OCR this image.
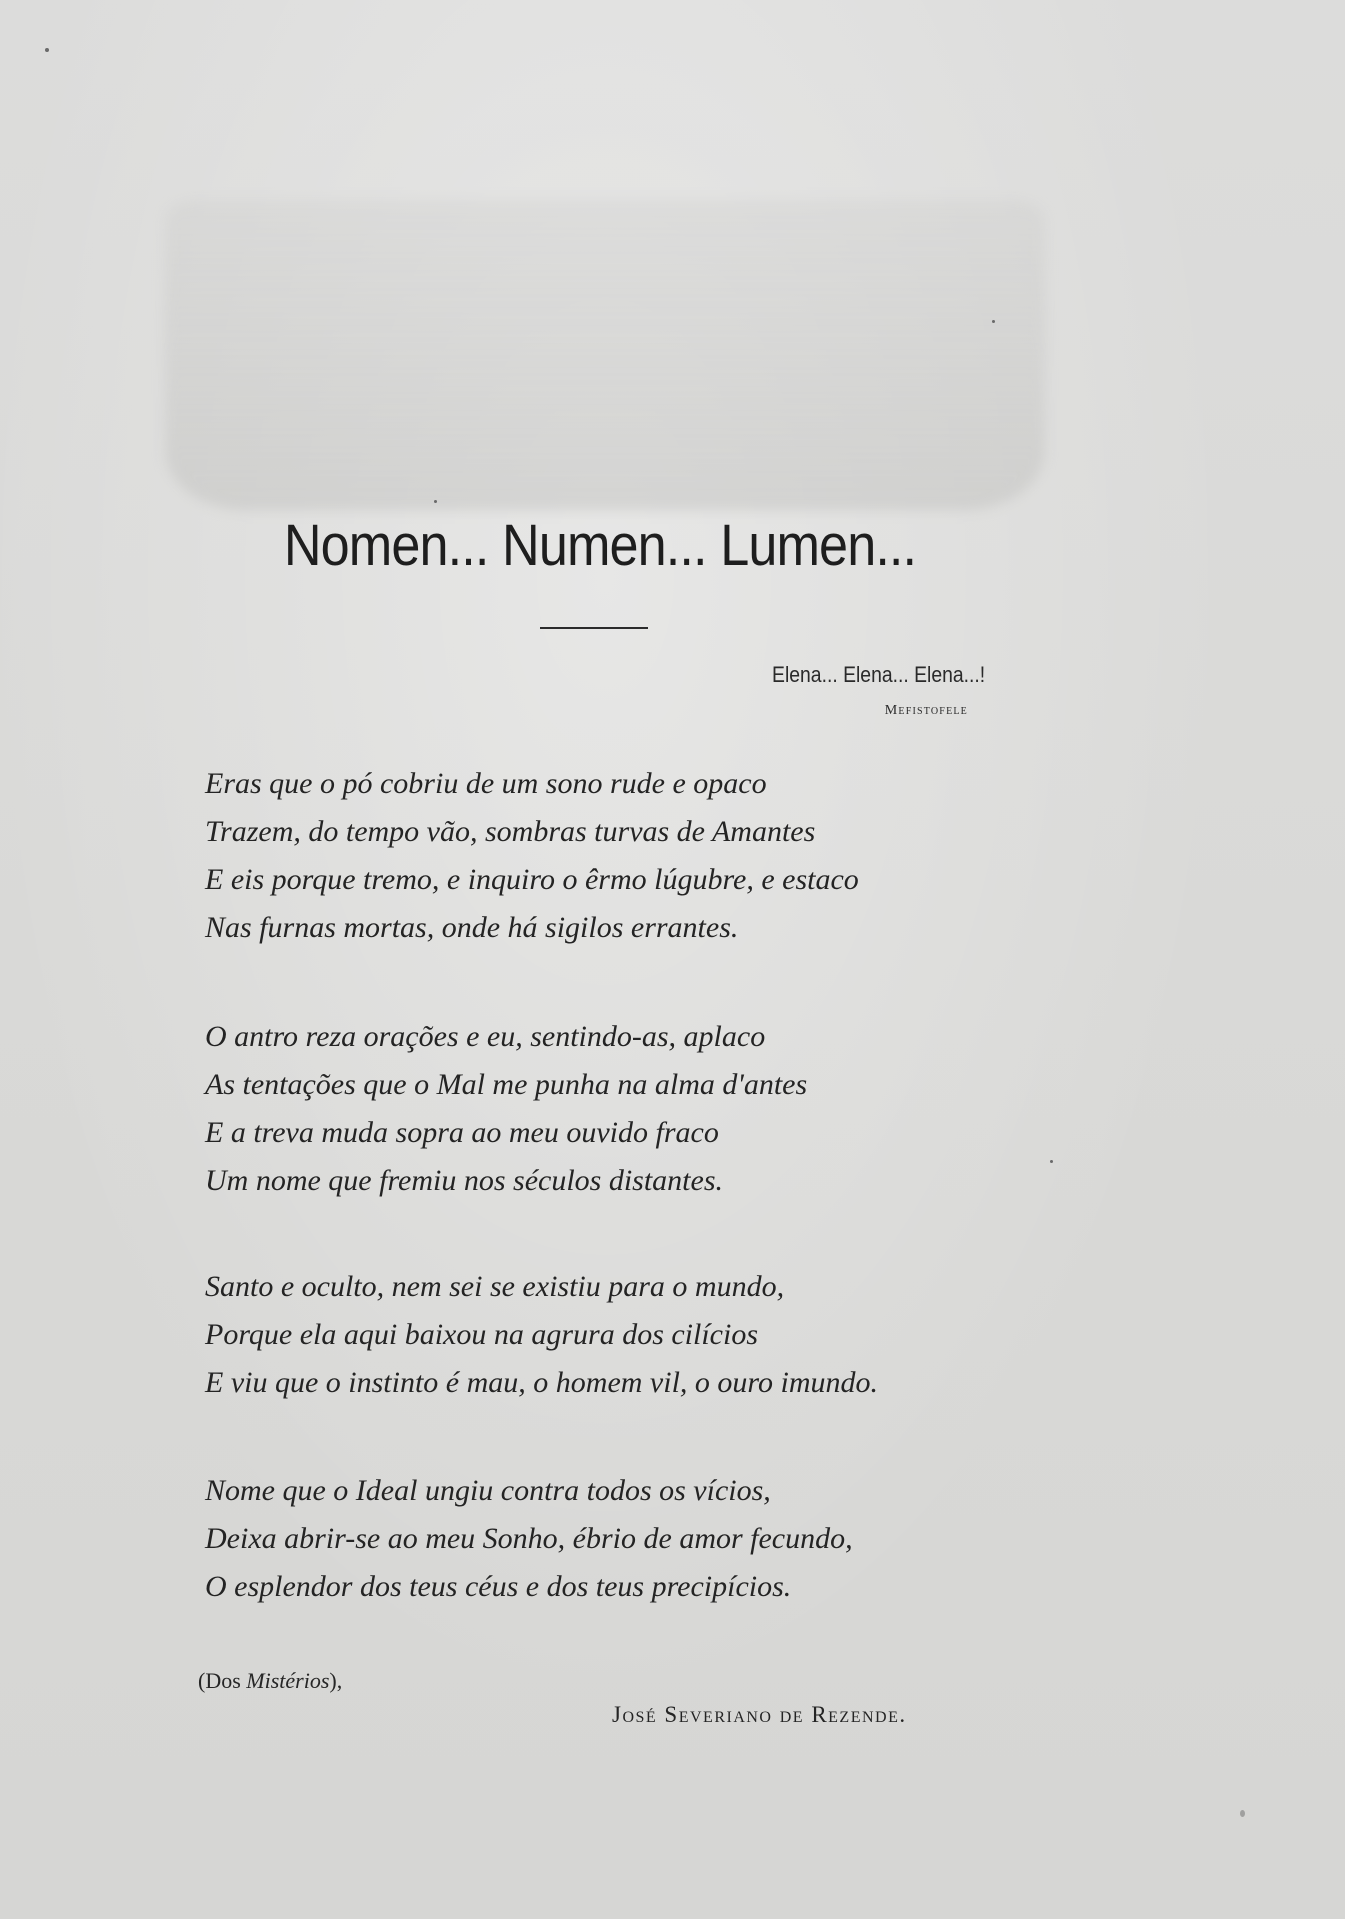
Nomen... Numen... Lumen...
Elena... Elena... Elena...!
Mefistofele
Eras que o pó cobriu de um sono rude e opaco
Trazem, do tempo vão, sombras turvas de Amantes
E eis porque tremo, e inquiro o êrmo lúgubre, e estaco
Nas furnas mortas, onde há sigilos errantes.
O antro reza orações e eu, sentindo-as, aplaco
As tentações que o Mal me punha na alma d'antes
E a treva muda sopra ao meu ouvido fraco
Um nome que fremiu nos séculos distantes.
Santo e oculto, nem sei se existiu para o mundo,
Porque ela aqui baixou na agrura dos cilícios
E viu que o instinto é mau, o homem vil, o ouro imundo.
Nome que o Ideal ungiu contra todos os vícios,
Deixa abrir-se ao meu Sonho, ébrio de amor fecundo,
O esplendor dos teus céus e dos teus precipícios.
(Dos Mistérios),
José Severiano de Rezende.
